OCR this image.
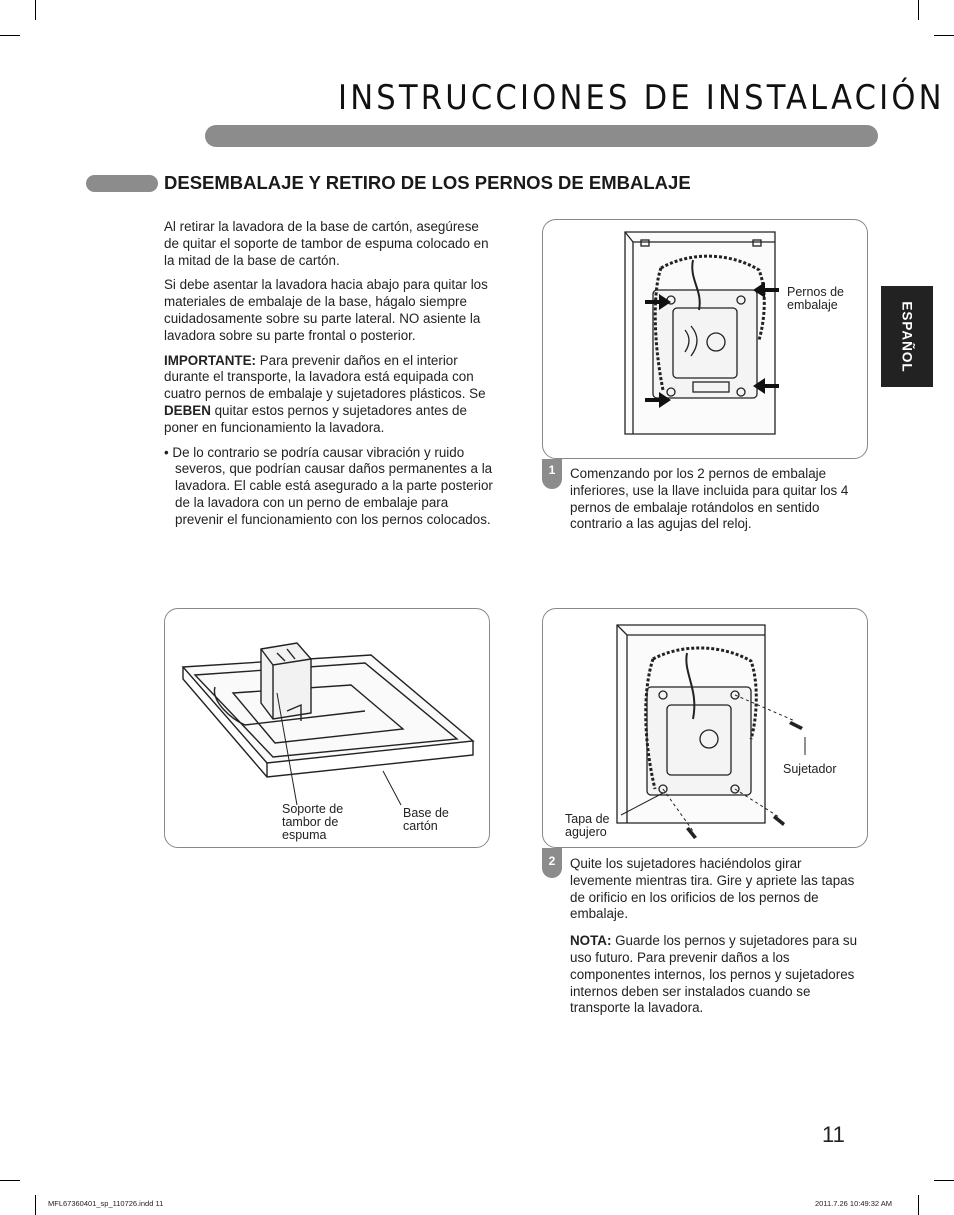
INSTRUCCIONES DE INSTALACIÓN
DESEMBALAJE Y RETIRO DE LOS PERNOS DE EMBALAJE
ESPAÑOL

Al retirar la lavadora de la base de cartón, asegúrese de quitar el soporte de tambor de espuma colocado en la mitad de la base de cartón.

Si debe asentar la lavadora hacia abajo para quitar los materiales de embalaje de la base, hágalo siempre cuidadosamente sobre su parte lateral. NO asiente la lavadora sobre su parte frontal o posterior.

IMPORTANTE: Para prevenir daños en el interior durante el transporte, la lavadora está equipada con cuatro pernos de embalaje y sujetadores plásticos. Se DEBEN quitar estos pernos y sujetadores antes de poner en funcionamiento la lavadora.

• De lo contrario se podría causar vibración y ruido severos, que podrían causar daños permanentes a la lavadora. El cable está asegurado a la parte posterior de la lavadora con un perno de embalaje para prevenir el funcionamiento con los pernos colocados.

Pernos de embalaje
1	Comenzando por los 2 pernos de embalaje inferiores, use la llave incluida para quitar los 4 pernos de embalaje rotándolos en sentido contrario a las agujas del reloj.
Soporte de tambor de espuma
Base de cartón
Sujetador
Tapa de agujero
2	Quite los sujetadores haciéndolos girar levemente mientras tira. Gire y apriete las tapas de orificio en los orificios de los pernos de embalaje.

NOTA: Guarde los pernos y sujetadores para su uso futuro. Para prevenir daños a los componentes internos, los pernos y sujetadores internos deben ser instalados cuando se transporte la lavadora.

11
MFL67360401_sp_110726.indd 11	2011.7.26 10:49:32 AM
